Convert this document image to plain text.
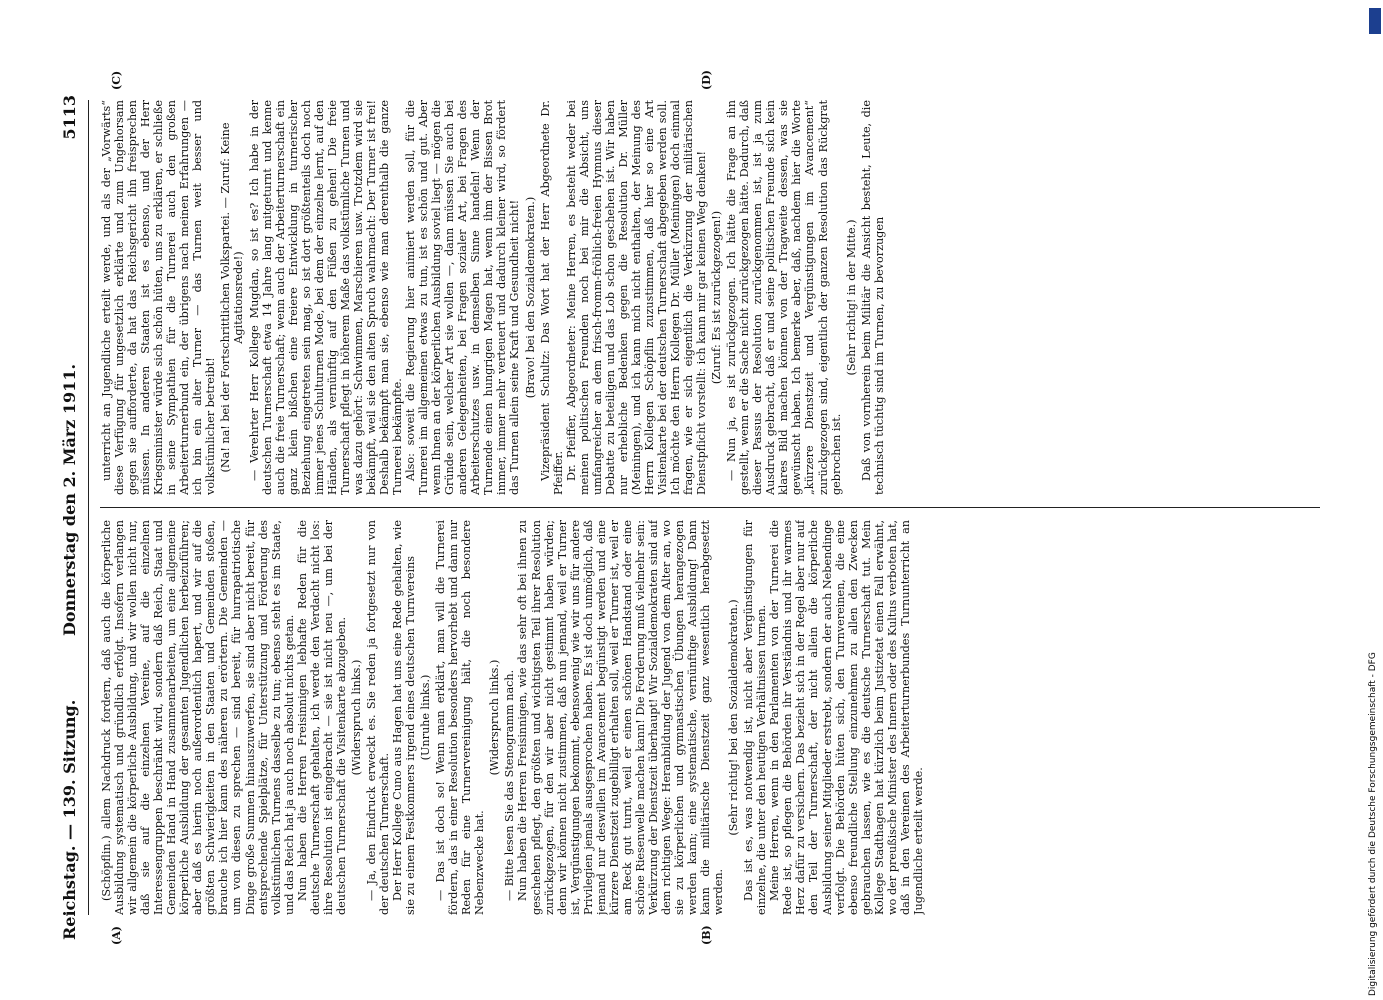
Reichstag. — 139. Sitzung.
Donnerstag den 2. März 1911.
5113
(A)	(B)
(C)	(D)

(Schöpflin.) allem Nachdruck fordern, daß auch die körperliche Ausbildung systematisch und gründlich erfolgt. Insofern verlangen wir allgemein die körperliche Ausbildung, und wir wollen nicht nur, daß sie auf die einzelnen Vereine, auf die einzelnen Interessengruppen beschränkt wird, sondern daß Reich, Staat und Gemeinden Hand in Hand zusammenarbeiten, um eine allgemeine körperliche Ausbildung der gesamten Jugendlichen herbeizuführen; aber daß es hierin noch außerordentlich hapert, und wir auf die größten Schwierigkeiten in den Staaten und Gemeinden stoßen, brauche ich hier kann des näheren zu erörtern. Die Gemeinden — um von diesen zu sprechen — sind bereit, für hurrapatriotische Dinge große Summen hinauszuwerfen, sie sind aber nicht bereit, für entsprechende Spielplätze, für Unterstützung und Förderung des volkstümlichen Turnens dasselbe zu tun; ebenso steht es im Staate, und das Reich hat ja auch noch absolut nichts getan. Nun haben die Herren Freisinnigen lebhafte Reden für die deutsche Turnerschaft gehalten, ich werde den Verdacht nicht los: ihre Resolution ist eingebracht — sie ist nicht neu —, um bei der deutschen Turnerschaft die Visitenkarte abzugeben. (Widerspruch links.) — Ja, den Eindruck erweckt es. Sie reden ja fortgesetzt nur von der deutschen Turnerschaft. Der Herr Kollege Cuno aus Hagen hat uns eine Rede gehalten, wie sie zu einem Festkommers irgend eines deutschen Turnvereins (Unruhe links.) — Das ist doch so! Wenn man erklärt, man will die Turnerei fördern, das in einer Resolution besonders hervorhebt und dann nur Reden für eine Turnervereinigung hält, die noch besondere Nebenzwecke hat.

(Widerspruch links.) — Bitte lesen Sie das Stenogramm nach. Nun haben die Herren Freisinnigen, wie das sehr oft bei ihnen zu geschehen pflegt, den größten und wichtigsten Teil ihrer Resolution zurückgezogen, für den wir aber nicht gestimmt haben würden; denn wir können nicht zustimmen, daß nun jemand, weil er Turner ist, Vergünstigungen bekommt, ebensowenig wie wir uns für andere Privilegien jemals ausgesprochen haben. Es ist doch unmöglich, daß jemand nur deswillen im Avancement begünstigt werden und eine kürzere Dienstzeit zugebilligt erhalten soll, weil er Turner ist, weil er am Reck gut turnt, weil er einen schönen Handstand oder eine schöne Riesenwelle machen kann! Die Forderung muß vielmehr sein: Verkürzung der Dienstzeit überhaupt! Wir Sozialdemokraten sind auf dem richtigen Wege: Heranbildung der Jugend von dem Alter an, wo sie zu körperlichen und gymnastischen Übungen herangezogen werden kann; eine systematische, vernünftige Ausbildung! Dann kann die militärische Dienstzeit ganz wesentlich herabgesetzt werden.

(Sehr richtig! bei den Sozialdemokraten.) Das ist es, was notwendig ist, nicht aber Vergünstigungen für einzelne, die unter den heutigen Verhältnissen turnen. Meine Herren, wenn in den Parlamenten von der Turnerei die Rede ist, so pflegen die Behörden ihr Verständnis und ihr warmes Herz dafür zu versichern. Das bezieht sich in der Regel aber nur auf den Teil der Turnerschaft, der nicht allein die körperliche Ausbildung seiner Mitglieder erstrebt, sondern der auch Nebendinge verfolgt. Die Behörden hüten sich, den Turnvereinen, die eine ebenso freundliche Stellung einzunehmen zu allen den Zwecken gebrauchen lassen, wie es die deutsche Turnerschaft tut. Mein Kollege Stadthagen hat kürzlich beim Justizetat einen Fall erwähnt, wo der preußische Minister des Innern oder des Kultus verboten hat, daß in den Vereinen des Arbeiterturnerbundes Turnunterricht an Jugendliche erteilt werde.

unterricht an Jugendliche erteilt werde, und als der „Vorwärts“ diese Verfügung für ungesetzlich erklärte und zum Ungehorsam gegen sie aufforderte, da hat das Reichsgericht ihn freisprechen müssen. In anderen Staaten ist es ebenso, und der Herr Kriegsminister würde sich schön hüten, uns zu erklären, er schließe in seine Sympathien für die Turnerei auch den großen Arbeiterturnerbund ein, der übrigens nach meinen Erfahrungen — ich bin ein alter Turner — das Turnen weit besser und volkstümlicher betreibt! (Na! na! bei der Fortschrittlichen Volkspartei. — Zuruf: Keine Agitationsrede!) — Verehrter Herr Kollege Mugdan, so ist es? Ich habe in der deutschen Turnerschaft etwa 14 Jahre lang mitgeturnt und kenne auch die freie Turnerschaft; wenn auch der Arbeiterturnerschaft ein ganz klein bißchen eine freiere Entwicklung in turnerischer Beziehung eingetreten sein mag, so ist dort größtenteils doch noch immer jenes Schulturnen Mode, bei dem der einzelne lernt, auf den Händen, als vernünftig auf den Füßen zu gehen! Die freie Turnerschaft pflegt in höherem Maße das volkstümliche Turnen und was dazu gehört: Schwimmen, Marschieren usw. Trotzdem wird sie bekämpft, weil sie den alten Spruch wahrmacht: Der Turner ist frei! Deshalb bekämpft man sie, ebenso wie man derenthalb die ganze Turnerei bekämpfte. Also: soweit die Regierung hier animiert werden soll, für die Turnerei im allgemeinen etwas zu tun, ist es schön und gut. Aber wenn Ihnen an der körperlichen Ausbildung soviel liegt — mögen die Gründe sein, welcher Art sie wollen —, dann müssen Sie auch bei anderen Gelegenheiten, bei Fragen sozialer Art, bei Fragen des Arbeiterschutzes usw. in demselben Sinne handeln! Wenn der Turnende einen hungrigen Magen hat, wenn ihm der Bissen Brot immer, immer mehr verteuert und dadurch kleiner wird, so fördert das Turnen allein seine Kraft und Gesundheit nicht! (Bravo! bei den Sozialdemokraten.) Vizepräsident Schultz: Das Wort hat der Herr Abgeordnete Dr. Pfeiffer. Dr. Pfeiffer, Abgeordneter: Meine Herren, es besteht weder bei meinen politischen Freunden noch bei mir die Absicht, uns umfangreicher an dem frisch-fromm-fröhlich-freien Hymnus dieser Debatte zu beteiligen und das Lob schon geschehen ist. Wir haben nur erhebliche Bedenken gegen die Resolution Dr. Müller (Meiningen), und ich kann mich nicht enthalten, der Meinung des Herrn Kollegen Schöpflin zuzustimmen, daß hier so eine Art Visitenkarte bei der deutschen Turnerschaft abgegeben werden soll. Ich möchte den Herrn Kollegen Dr. Müller (Meiningen) doch einmal fragen, wie er sich eigentlich die Verkürzung der militärischen Dienstpflicht vorstellt: ich kann mir gar keinen Weg denken! (Zuruf: Es ist zurückgezogen!) — Nun ja, es ist zurückgezogen. Ich hätte die Frage an ihn gestellt, wenn er die Sache nicht zurückgezogen hätte. Dadurch, daß dieser Passus der Resolution zurückgenommen ist, ist ja zum Ausdruck gebracht, daß er und seine politischen Freunde sich kein klares Bild machen können von der Tragweite dessen, was sie gewünscht haben. Ich bemerke aber, daß, nachdem hier die Worte „kürzere Dienstzeit und Vergünstigungen im Avancement“ zurückgezogen sind, eigentlich der ganzen Resolution das Rückgrat gebrochen ist.

(Sehr richtig! in der Mitte.) Daß von vornherein beim Militär die Ansicht besteht, Leute, die technisch tüchtig sind im Turnen, zu bevorzugen

Digitalisierung gefördert durch die Deutsche Forschungsgemeinschaft - DFG
